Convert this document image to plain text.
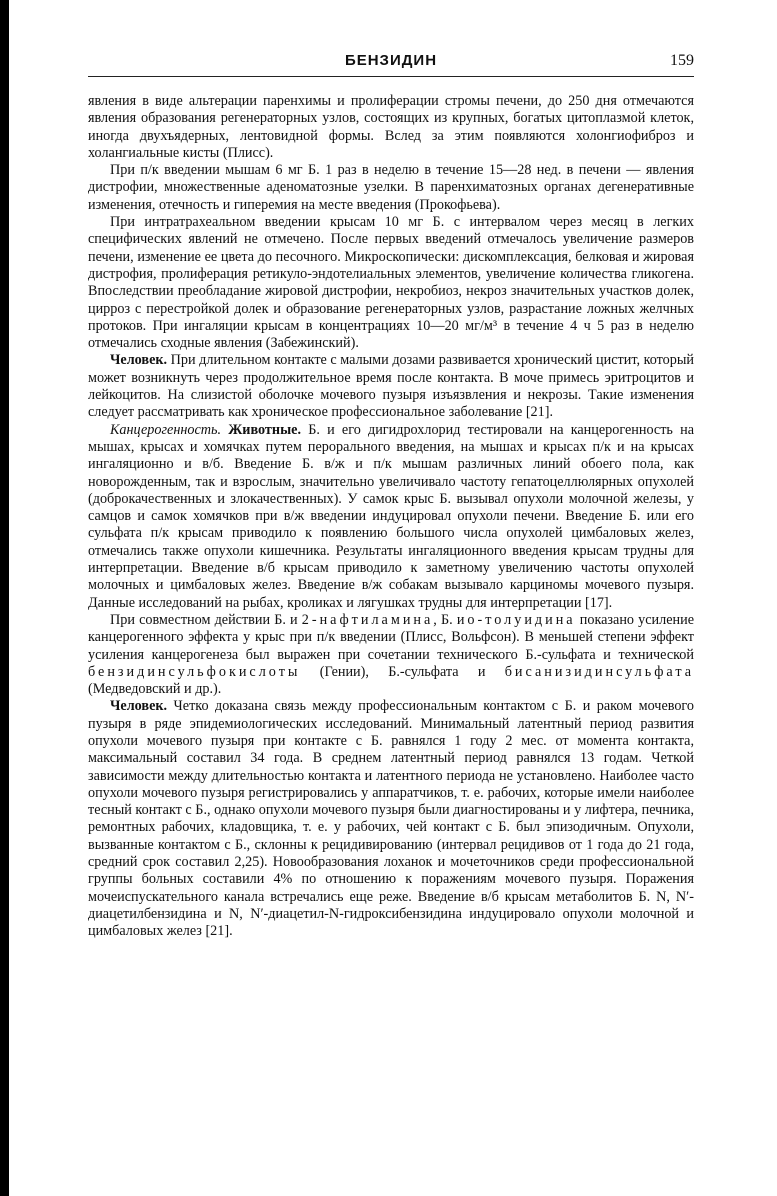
БЕНЗИДИН	159

явления в виде альтерации паренхимы и пролиферации стромы печени, до 250 дня отмечаются явления образования регенераторных узлов, состоящих из крупных, богатых цитоплазмой клеток, иногда двухъядерных, лентовидной формы. Вслед за этим появляются холонгиофиброз и холангиальные кисты (Плисс).

При п/к введении мышам 6 мг Б. 1 раз в неделю в течение 15—28 нед. в печени — явления дистрофии, множественные аденоматозные узелки. В паренхиматозных органах дегенеративные изменения, отечность и гиперемия на месте введения (Прокофьева).

При интратрахеальном введении крысам 10 мг Б. с интервалом через месяц в легких специфических явлений не отмечено. После первых введений отмечалось увеличение размеров печени, изменение ее цвета до песочного. Микроскопически: дискомплексация, белковая и жировая дистрофия, пролиферация ретикуло-эндотелиальных элементов, увеличение количества гликогена. Впоследствии преобладание жировой дистрофии, некробиоз, некроз значительных участков долек, цирроз с перестройкой долек и образование регенераторных узлов, разрастание ложных желчных протоков. При ингаляции крысам в концентрациях 10—20 мг/м³ в течение 4 ч 5 раз в неделю отмечались сходные явления (Забежинский).

Человек. При длительном контакте с малыми дозами развивается хронический цистит, который может возникнуть через продолжительное время после контакта. В моче примесь эритроцитов и лейкоцитов. На слизистой оболочке мочевого пузыря изъязвления и некрозы. Такие изменения следует рассматривать как хроническое профессиональное заболевание [21].

Канцерогенность. Животные. Б. и его дигидрохлорид тестировали на канцерогенность на мышах, крысах и хомячках путем перорального введения, на мышах и крысах п/к и на крысах ингаляционно и в/б. Введение Б. в/ж и п/к мышам различных линий обоего пола, как новорожденным, так и взрослым, значительно увеличивало частоту гепатоцеллюлярных опухолей (доброкачественных и злокачественных). У самок крыс Б. вызывал опухоли молочной железы, у самцов и самок хомячков при в/ж введении индуцировал опухоли печени. Введение Б. или его сульфата п/к крысам приводило к появлению большого числа опухолей цимбаловых желез, отмечались также опухоли кишечника. Результаты ингаляционного введения крысам трудны для интерпретации. Введение в/б крысам приводило к заметному увеличению частоты опухолей молочных и цимбаловых желез. Введение в/ж собакам вызывало карциномы мочевого пузыря. Данные исследований на рыбах, кроликах и лягушках трудны для интерпретации [17].

При совместном действии Б. и 2-нафтиламина, Б. ио-толуидина показано усиление канцерогенного эффекта у крыс при п/к введении (Плисс, Вольфсон). В меньшей степени эффект усиления канцерогенеза был выражен при сочетании технического Б.-сульфата и технической бензидинсульфокислоты (Гении), Б.-сульфата и бисанизидинсульфата (Медведовский и др.).

Человек. Четко доказана связь между профессиональным контактом с Б. и раком мочевого пузыря в ряде эпидемиологических исследований. Минимальный латентный период развития опухоли мочевого пузыря при контакте с Б. равнялся 1 году 2 мес. от момента контакта, максимальный составил 34 года. В среднем латентный период равнялся 13 годам. Четкой зависимости между длительностью контакта и латентного периода не установлено. Наиболее часто опухоли мочевого пузыря регистрировались у аппаратчиков, т. е. рабочих, которые имели наиболее тесный контакт с Б., однако опухоли мочевого пузыря были диагностированы и у лифтера, печника, ремонтных рабочих, кладовщика, т. е. у рабочих, чей контакт с Б. был эпизодичным. Опухоли, вызванные контактом с Б., склонны к рецидивированию (интервал рецидивов от 1 года до 21 года, средний срок составил 2,25). Новообразования лоханок и мочеточников среди профессиональной группы больных составили 4% по отношению к поражениям мочевого пузыря. Поражения мочеиспускательного канала встречались еще реже. Введение в/б крысам метаболитов Б. N, N′-диацетилбензидина и N, N′-диацетил-N-гидроксибензидина индуцировало опухоли молочной и цимбаловых желез [21].
